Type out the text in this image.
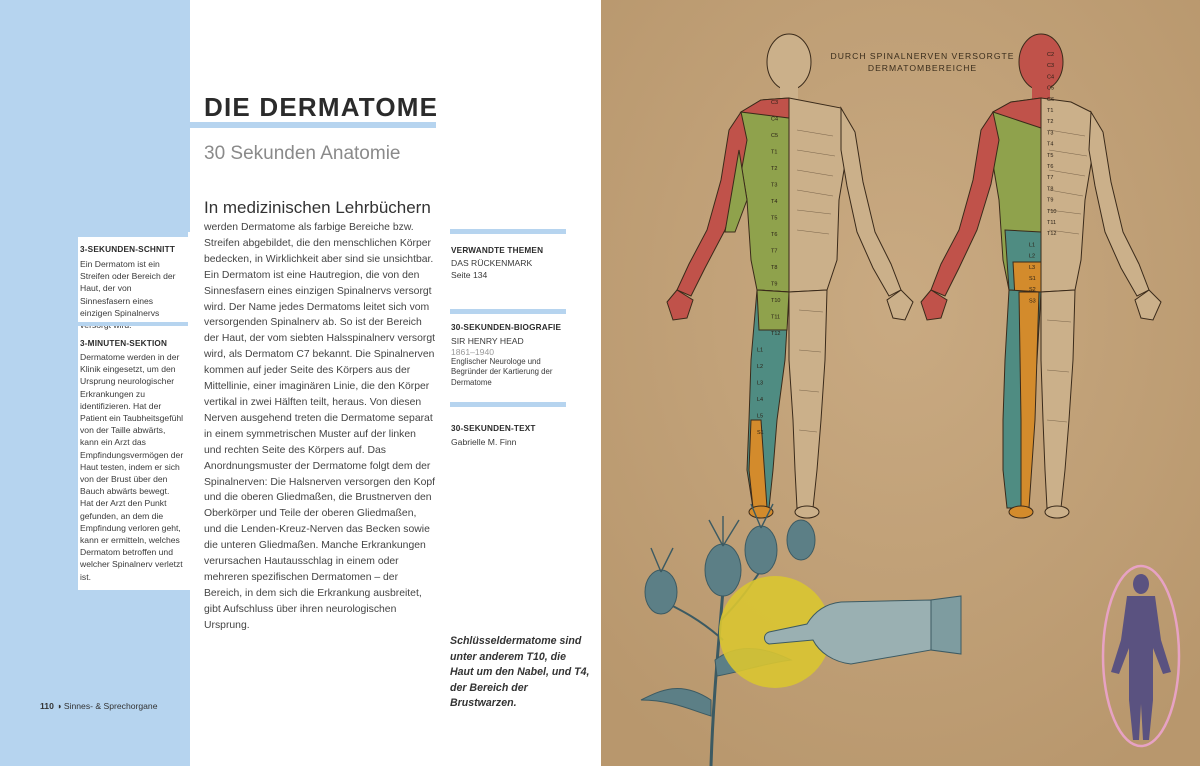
3-SEKUNDEN-SCHNITT
Ein Dermatom ist ein Streifen oder Bereich der Haut, der von Sinnesfasern eines einzigen Spinalnervs
3-MINUTEN-SEKTION
Dermatome werden in der Klinik eingesetzt, um den Ursprung neurologischer Erkrankungen zu identifizieren. Hat der Patient ein Taubheitsgefühl von der Taille abwärts, kann ein Arzt das Empfindungsvermögen der Haut testen, indem er sich von der Brust über den Bauch abwärts bewegt. Hat der Arzt den Punkt gefunden, an dem die Empfindung verloren geht, kann er ermitteln, welches Dermatom betroffen und welcher Spinalnerv verletzt ist.
DIE DERMATOME
30 Sekunden Anatomie
In medizinischen Lehrbüchern
werden Dermatome als farbige Bereiche bzw. Streifen abgebildet, die den menschlichen Körper bedecken, in Wirklichkeit aber sind sie unsichtbar. Ein Dermatom ist eine Hautregion, die von den Sinnesfasern eines einzigen Spinalnervs versorgt wird. Der Name jedes Dermatoms leitet sich vom versorgenden Spinalnerv ab. So ist der Bereich der Haut, der vom siebten Halsspinalnerv versorgt wird, als Dermatom C7 bekannt. Die Spinalnerven kommen auf jeder Seite des Körpers aus der Mittellinie, einer imaginären Linie, die den Körper vertikal in zwei Hälften teilt, heraus. Von diesen Nerven ausgehend treten die Dermatome separat in einem symmetrischen Muster auf der linken und rechten Seite des Körpers auf. Das Anordnungsmuster der Dermatome folgt dem der Spinalnerven: Die Halsnerven versorgen den Kopf und die oberen Gliedmaßen, die Brustnerven den Oberkörper und Teile der oberen Gliedmaßen, und die Lenden-Kreuz-Nerven das Becken sowie die unteren Gliedmaßen. Manche Erkrankungen verursachen Hautausschlag in einem oder mehreren spezifischen Dermatomen – der Bereich, in dem sich die Erkrankung ausbreitet, gibt Aufschluss über ihren neurologischen Ursprung.
VERWANDTE THEMEN
DAS RÜCKENMARK
Seite 134
30-SEKUNDEN-BIOGRAFIE
SIR HENRY HEAD
1861–1940
Englischer Neurologe und Begründer der Kartierung der Dermatome
30-SEKUNDEN-TEXT
Gabrielle M. Finn
Schlüsseldermatome sind unter anderem T10, die Haut um den Nabel, und T4, der Bereich der Brustwarzen.
110 ◑ Sinnes- & Sprechorgane
C3
C4
C5
T1
T2
T3
T4
T5
T6
T7
T8
T9
T10
T11
T12
L1
L2
L3
L4
L5
S1
C2
C3
C4
C5
C6
T1
T2
T3
T4
T5
T6
T7
T8
T9
T10
T11
T12
L1
L2
L3
S1
S2
S3
DURCH SPINALNERVEN VERSORGTE DERMATOMBEREICHE
